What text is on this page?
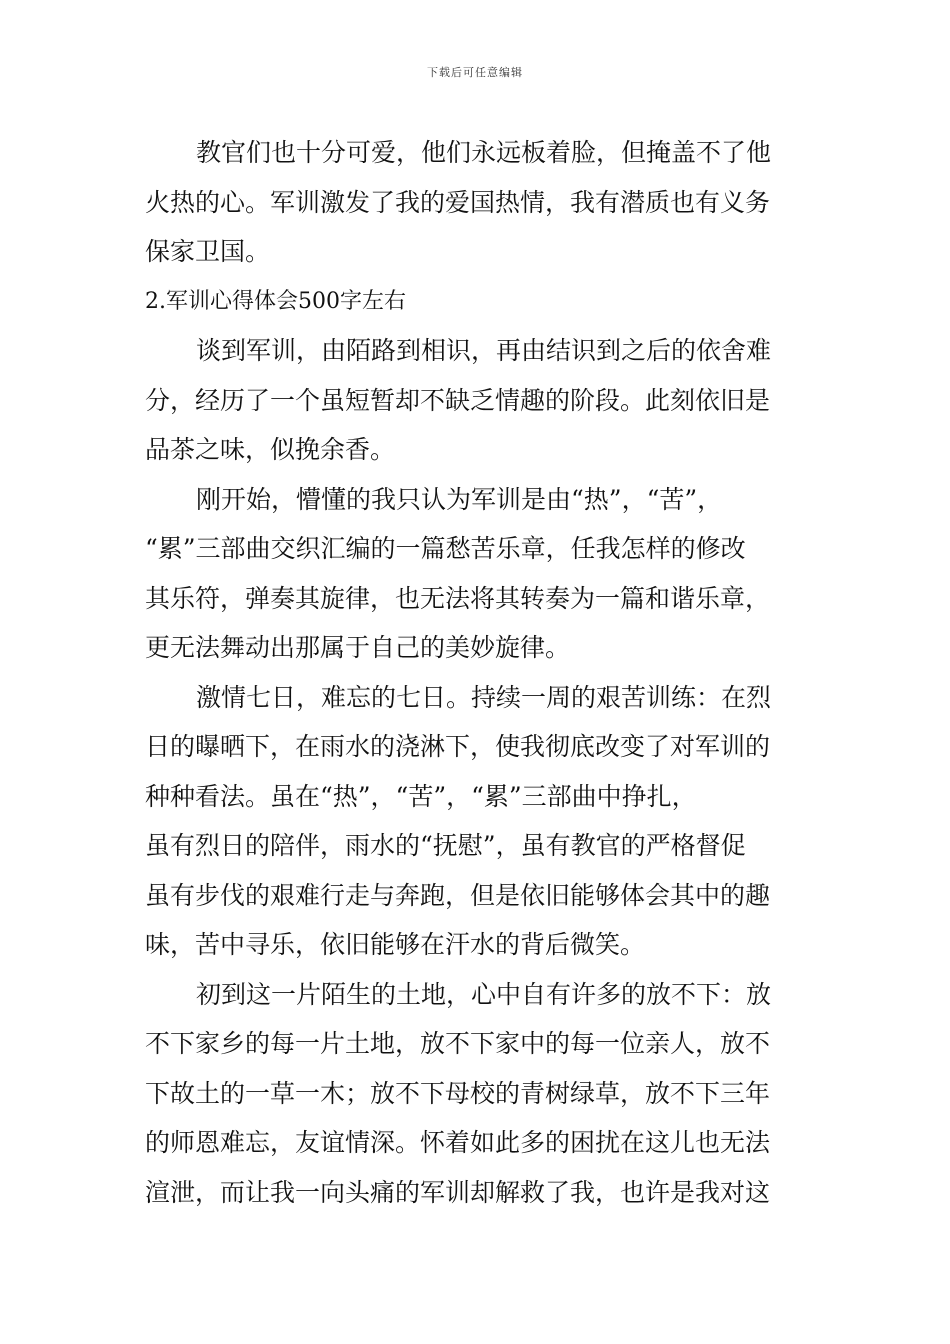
下载后可任意编辑
教官们也十分可爱，他们永远板着脸，但掩盖不了他
火热的心。军训激发了我的爱国热情，我有潜质也有义务
保家卫国。
2.军训心得体会500字左右
谈到军训，由陌路到相识，再由结识到之后的依舍难
分，经历了一个虽短暂却不缺乏情趣的阶段。此刻依旧是
品茶之味，似挽余香。
刚开始，懵懂的我只认为军训是由“热”，“苦”，
“累”三部曲交织汇编的一篇愁苦乐章，任我怎样的修改
其乐符，弹奏其旋律，也无法将其转奏为一篇和谐乐章，
更无法舞动出那属于自己的美妙旋律。
激情七日，难忘的七日。持续一周的艰苦训练：在烈
日的曝晒下，在雨水的浇淋下，使我彻底改变了对军训的
种种看法。虽在“热”，“苦”，“累”三部曲中挣扎，
虽有烈日的陪伴，雨水的“抚慰”，虽有教官的严格督促
虽有步伐的艰难行走与奔跑，但是依旧能够体会其中的趣
味，苦中寻乐，依旧能够在汗水的背后微笑。
初到这一片陌生的土地，心中自有许多的放不下：放
不下家乡的每一片土地，放不下家中的每一位亲人，放不
下故土的一草一木；放不下母校的青树绿草，放不下三年
的师恩难忘，友谊情深。怀着如此多的困扰在这儿也无法
渲泄，而让我一向头痛的军训却解救了我，也许是我对这
